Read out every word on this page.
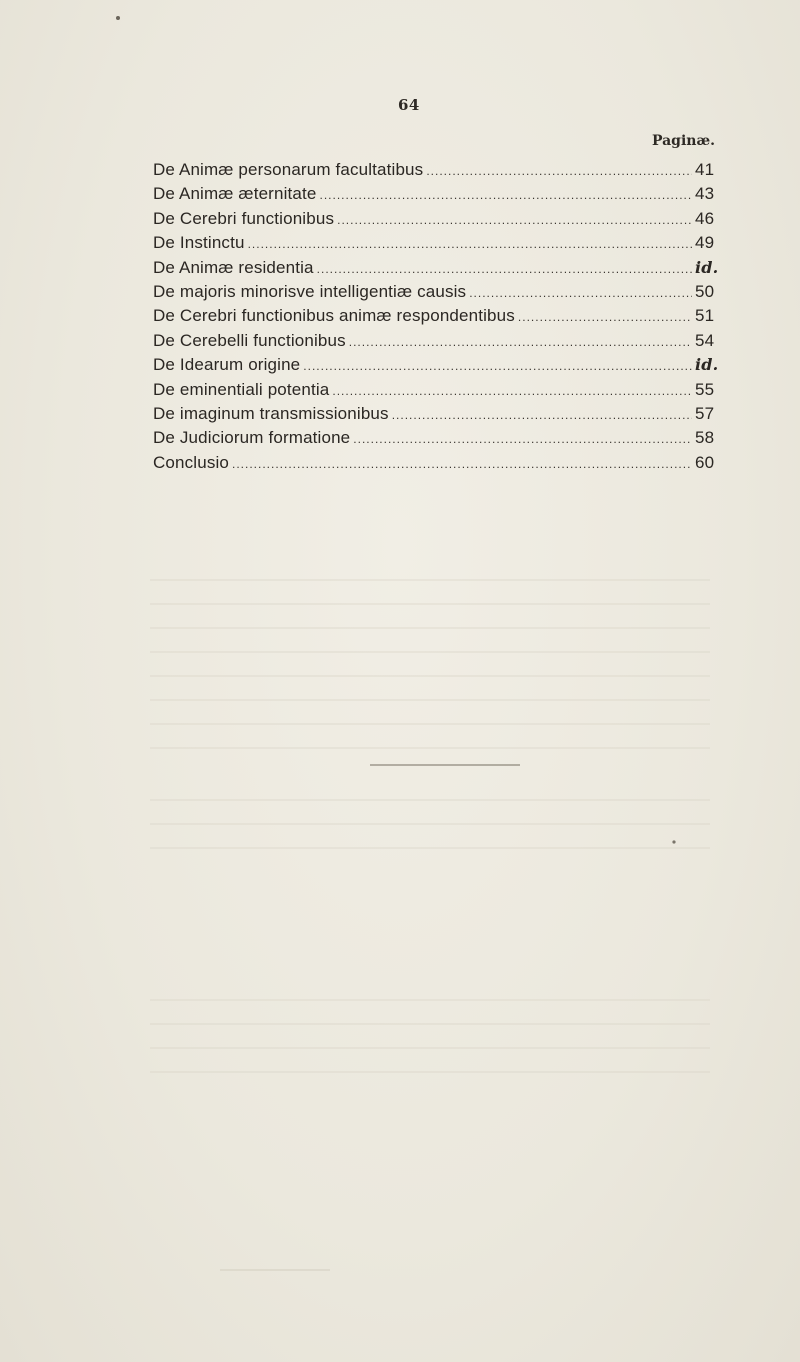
64
Paginæ.
De Animæ personarum facultatibus .....	41
De Animæ æternitate .....	43
De Cerebri functionibus .....	46
De Instinctu .....	49
De Animæ residentia .....	id.
De majoris minorisve intelligentiæ causis .....	50
De Cerebri functionibus animæ respondentibus .....	51
De Cerebelli functionibus .....	54
De Idearum origine .....	id.
De eminentiali potentia .....	55
De imaginum transmissionibus .....	57
De Judiciorum formatione .....	58
Conclusio .....	60
